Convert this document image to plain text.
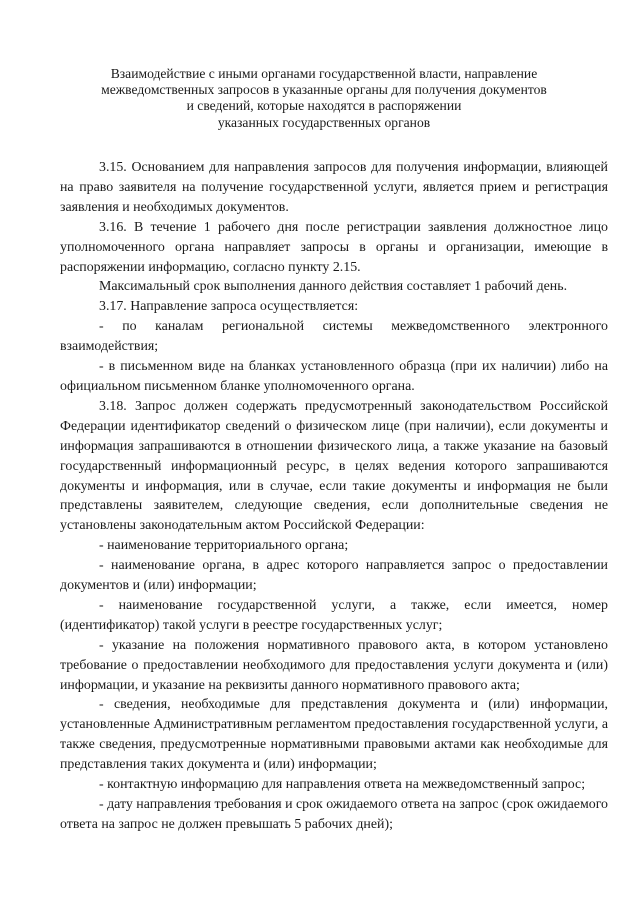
Взаимодействие с иными органами государственной власти, направление
межведомственных запросов в указанные органы для получения документов
и сведений, которые находятся в распоряжении
указанных государственных органов

3.15. Основанием для направления запросов для получения информации, влияющей на право заявителя на получение государственной услуги, является прием и регистрация заявления и необходимых документов.

3.16. В течение 1 рабочего дня после регистрации заявления должностное лицо уполномоченного органа направляет запросы в органы и организации, имеющие в распоряжении информацию, согласно пункту 2.15.

Максимальный срок выполнения данного действия составляет 1 рабочий день.

3.17. Направление запроса осуществляется:

- по каналам региональной системы межведомственного электронного взаимодействия;

- в письменном виде на бланках установленного образца (при их наличии) либо на официальном письменном бланке уполномоченного органа.

3.18. Запрос должен содержать предусмотренный законодательством Российской Федерации идентификатор сведений о физическом лице (при наличии), если документы и информация запрашиваются в отношении физического лица, а также указание на базовый государственный информационный ресурс, в целях ведения которого запрашиваются документы и информация, или в случае, если такие документы и информация не были представлены заявителем, следующие сведения, если дополнительные сведения не установлены законодательным актом Российской Федерации:

- наименование территориального органа;

- наименование органа, в адрес которого направляется запрос о предоставлении документов и (или) информации;

- наименование государственной услуги, а также, если имеется, номер (идентификатор) такой услуги в реестре государственных услуг;

- указание на положения нормативного правового акта, в котором установлено требование о предоставлении необходимого для предоставления услуги документа и (или) информации, и указание на реквизиты данного нормативного правового акта;

- сведения, необходимые для представления документа и (или) информации, установленные Административным регламентом предоставления государственной услуги, а также сведения, предусмотренные нормативными правовыми актами как необходимые для представления таких документа и (или) информации;

- контактную информацию для направления ответа на межведомственный запрос;

- дату направления требования и срок ожидаемого ответа на запрос (срок ожидаемого ответа на запрос не должен превышать 5 рабочих дней);
